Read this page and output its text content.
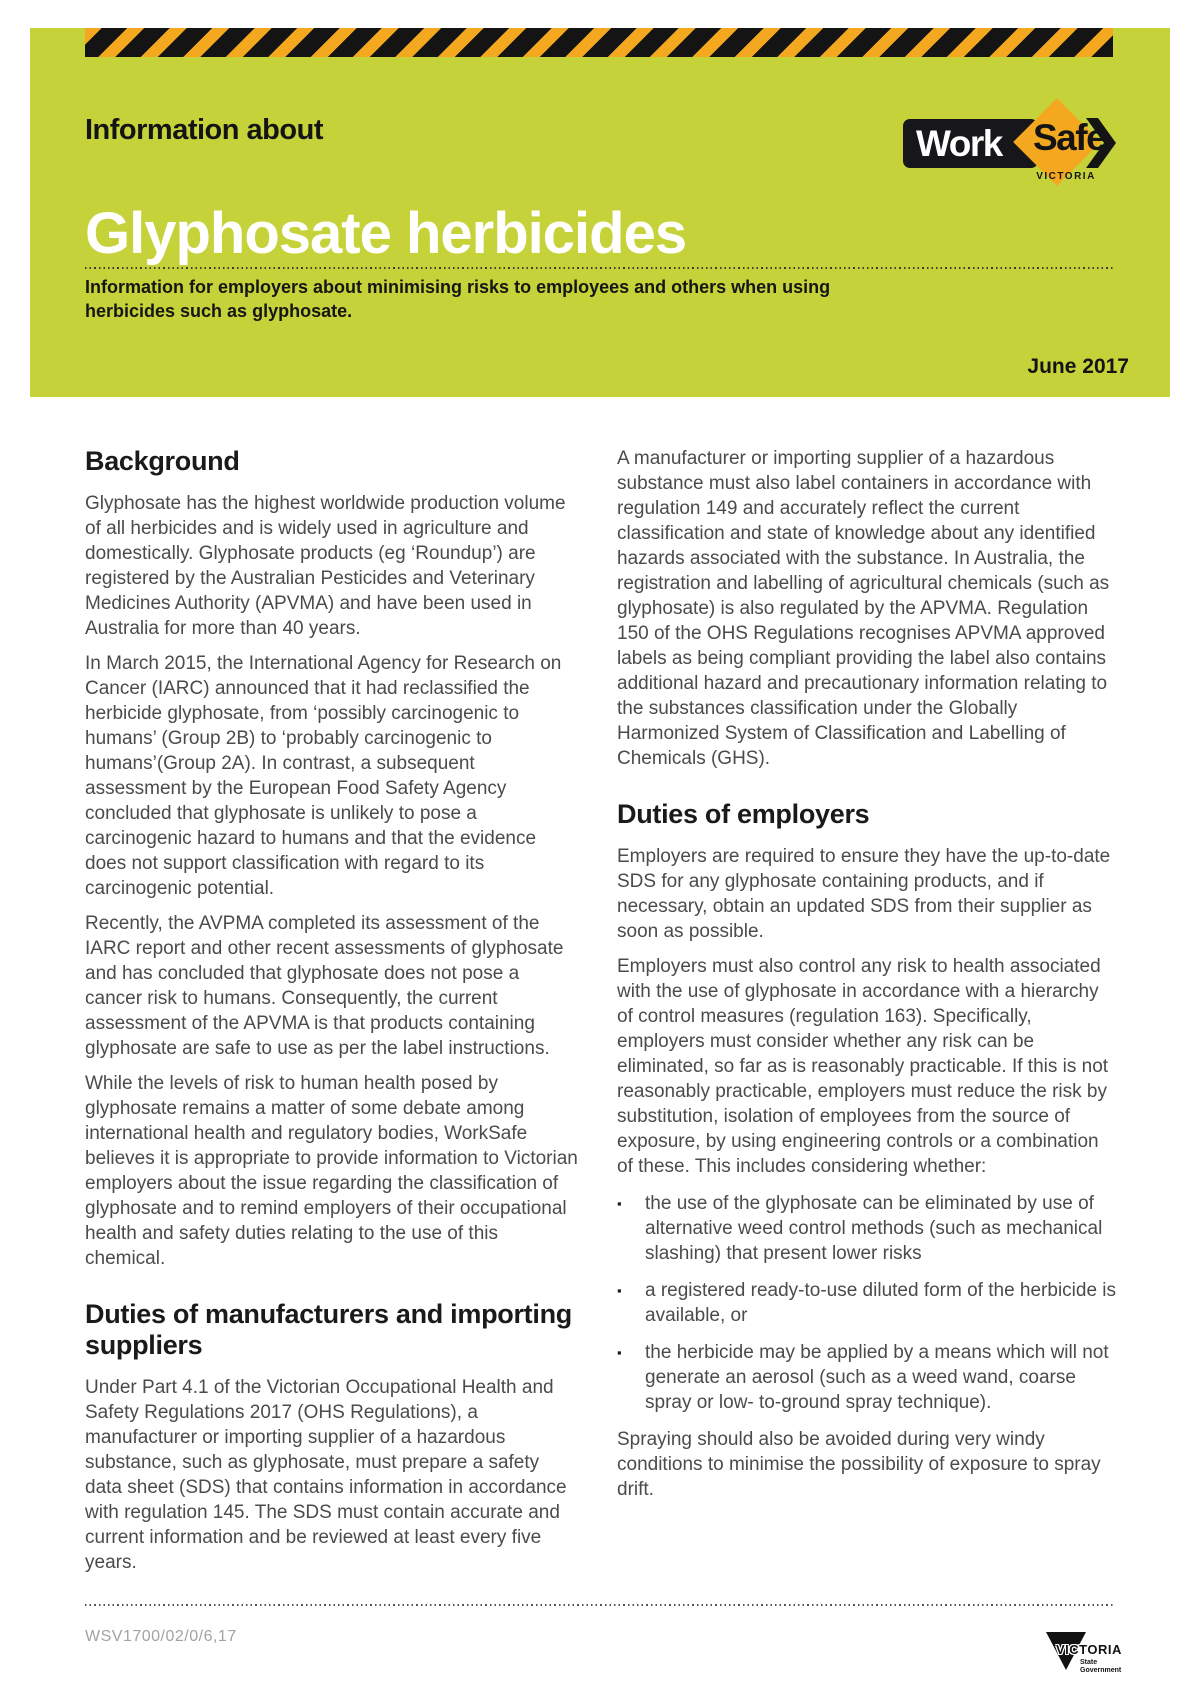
Information about	Work Safe
VICTORIA
Glyphosate herbicides

Information for employers about minimising risks to employees and others when using herbicides such as glyphosate.

June 2017
Background

Glyphosate has the highest worldwide production volume of all herbicides and is widely used in agriculture and domestically. Glyphosate products (eg ‘Roundup’) are registered by the Australian Pesticides and Veterinary Medicines Authority (APVMA) and have been used in Australia for more than 40 years.

In March 2015, the International Agency for Research on Cancer (IARC) announced that it had reclassified the herbicide glyphosate, from ‘possibly carcinogenic to humans’ (Group 2B) to ‘probably carcinogenic to humans’(Group 2A). In contrast, a subsequent assessment by the European Food Safety Agency concluded that glyphosate is unlikely to pose a carcinogenic hazard to humans and that the evidence does not support classification with regard to its carcinogenic potential.

Recently, the AVPMA completed its assessment of the IARC report and other recent assessments of glyphosate and has concluded that glyphosate does not pose a cancer risk to humans. Consequently, the current assessment of the APVMA is that products containing glyphosate are safe to use as per the label instructions.

While the levels of risk to human health posed by glyphosate remains a matter of some debate among international health and regulatory bodies, WorkSafe believes it is appropriate to provide information to Victorian employers about the issue regarding the classification of glyphosate and to remind employers of their occupational health and safety duties relating to the use of this chemical.

Duties of manufacturers and importing suppliers

Under Part 4.1 of the Victorian Occupational Health and Safety Regulations 2017 (OHS Regulations), a manufacturer or importing supplier of a hazardous substance, such as glyphosate, must prepare a safety data sheet (SDS) that contains information in accordance with regulation 145. The SDS must contain accurate and current information and be reviewed at least every five years.

A manufacturer or importing supplier of a hazardous substance must also label containers in accordance with regulation 149 and accurately reflect the current classification and state of knowledge about any identified hazards associated with the substance. In Australia, the registration and labelling of agricultural chemicals (such as glyphosate) is also regulated by the APVMA. Regulation 150 of the OHS Regulations recognises APVMA approved labels as being compliant providing the label also contains additional hazard and precautionary information relating to the substances classification under the Globally Harmonized System of Classification and Labelling of Chemicals (GHS).

Duties of employers

Employers are required to ensure they have the up-to-date SDS for any glyphosate containing products, and if necessary, obtain an updated SDS from their supplier as soon as possible.

Employers must also control any risk to health associated with the use of glyphosate in accordance with a hierarchy of control measures (regulation 163). Specifically, employers must consider whether any risk can be eliminated, so far as is reasonably practicable. If this is not reasonably practicable, employers must reduce the risk by substitution, isolation of employees from the source of exposure, by using engineering controls or a combination of these. This includes considering whether:

▪	the use of the glyphosate can be eliminated by use of alternative weed control methods (such as mechanical slashing) that present lower risks
▪	a registered ready-to-use diluted form of the herbicide is available, or
▪	the herbicide may be applied by a means which will not generate an aerosol (such as a weed wand, coarse spray or low- to-ground spray technique).

Spraying should also be avoided during very windy conditions to minimise the possibility of exposure to spray drift.

WSV1700/02/0/6,17
VICTORIA
State
Government
